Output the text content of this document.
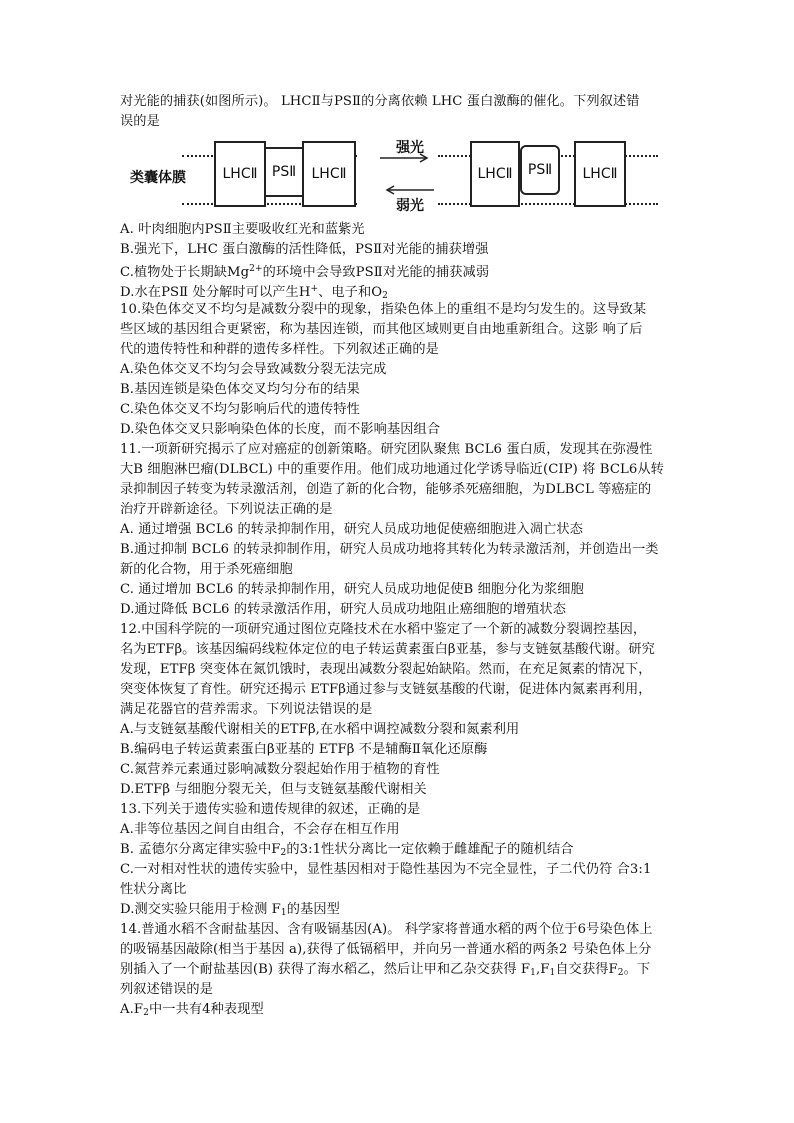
对光能的捕获(如图所示)。 LHCⅡ与PSⅡ的分离依赖 LHC 蛋白激酶的催化。下列叙述错
误的是
类囊体膜	LHCⅡ	PSⅡ	LHCⅡ
强光
弱光
LHCⅡ	PSⅡ	LHCⅡ
A. 叶肉细胞内PSⅡ主要吸收红光和蓝紫光
B.强光下，LHC 蛋白激酶的活性降低，PSⅡ对光能的捕获增强
C.植物处于长期缺$Mg^{2+}$的环境中会导致PSⅡ对光能的捕获减弱
D.水在PSⅡ 处分解时可以产生H+、电子和$O_2$
10.染色体交叉不均匀是减数分裂中的现象，指染色体上的重组不是均匀发生的。这导致某
些区域的基因组合更紧密，称为基因连锁，而其他区域则更自由地重新组合。这影 响了后
代的遗传特性和种群的遗传多样性。下列叙述正确的是
A.染色体交叉不均匀会导致减数分裂无法完成
B.基因连锁是染色体交叉均匀分布的结果
C.染色体交叉不均匀影响后代的遗传特性
D.染色体交叉只影响染色体的长度，而不影响基因组合
11.一项新研究揭示了应对癌症的创新策略。研究团队聚焦 BCL6 蛋白质，发现其在弥漫性
大B 细胞淋巴瘤(DLBCL) 中的重要作用。他们成功地通过化学诱导临近(CIP) 将 BCL6从转
录抑制因子转变为转录激活剂，创造了新的化合物，能够杀死癌细胞，为DLBCL 等癌症的
治疗开辟新途径。下列说法正确的是
A. 通过增强 BCL6 的转录抑制作用，研究人员成功地促使癌细胞进入凋亡状态
B.通过抑制 BCL6 的转录抑制作用，研究人员成功地将其转化为转录激活剂，并创造出一类
新的化合物，用于杀死癌细胞
C. 通过增加 BCL6 的转录抑制作用，研究人员成功地促使B 细胞分化为浆细胞
D.通过降低 BCL6 的转录激活作用，研究人员成功地阻止癌细胞的增殖状态
12.中国科学院的一项研究通过图位克隆技术在水稻中鉴定了一个新的减数分裂调控基因，
名为ETFβ。该基因编码线粒体定位的电子转运黄素蛋白β亚基，参与支链氨基酸代谢。研究
发现，ETFβ 突变体在氮饥饿时，表现出减数分裂起始缺陷。然而，在充足氮素的情况下，
突变体恢复了育性。研究还揭示 ETFβ通过参与支链氨基酸的代谢，促进体内氮素再利用，
满足花器官的营养需求。下列说法错误的是
A.与支链氨基酸代谢相关的ETFβ,在水稻中调控减数分裂和氮素利用
B.编码电子转运黄素蛋白β亚基的 ETFβ 不是辅酶Ⅱ氧化还原酶
C.氮营养元素通过影响减数分裂起始作用于植物的育性
D.ETFβ 与细胞分裂无关，但与支链氨基酸代谢相关
13.下列关于遗传实验和遗传规律的叙述，正确的是
A.非等位基因之间自由组合，不会存在相互作用
B. 孟德尔分离定律实验中$F_2$的3:1性状分离比一定依赖于雌雄配子的随机结合
C.一对相对性状的遗传实验中，显性基因相对于隐性基因为不完全显性，子二代仍符 合3:1
性状分离比
D.测交实验只能用于检测 $F_1$的基因型
14.普通水稻不含耐盐基因、含有吸镉基因(A)。 科学家将普通水稻的两个位于6号染色体上
的吸镉基因敲除(相当于基因 a),获得了低镉稻甲，并向另一普通水稻的两条2 号染色体上分
别插入了一个耐盐基因(B) 获得了海水稻乙，然后让甲和乙杂交获得 $F_1,F_1$自交获得$F_2$。下
列叙述错误的是
$A.F_2$中一共有4种表现型
